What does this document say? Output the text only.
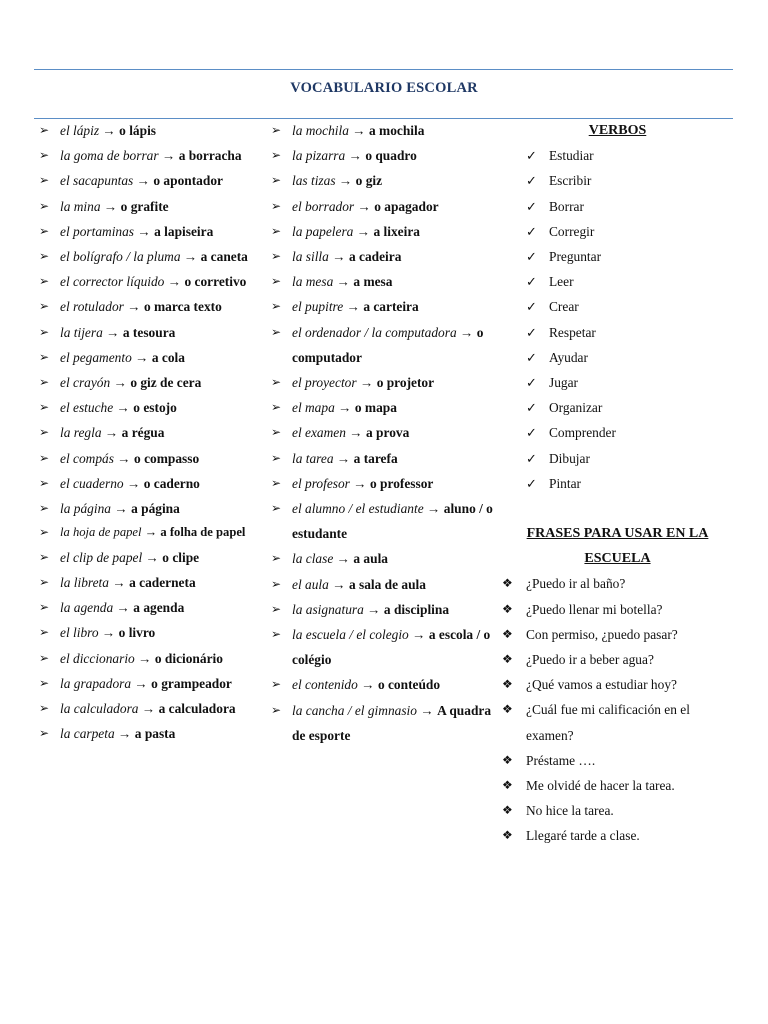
VOCABULARIO ESCOLAR
➢ el lápiz → o lápis
➢ la goma de borrar → a borracha
➢ el sacapuntas → o apontador
➢ la mina → o grafite
➢ el portaminas → a lapiseira
➢ el bolígrafo / la pluma → a caneta
➢ el corrector líquido → o corretivo
➢ el rotulador → o marca texto
➢ la tijera → a tesoura
➢ el pegamento → a cola
➢ el crayón → o giz de cera
➢ el estuche → o estojo
➢ la regla → a régua
➢ el compás → o compasso
➢ el cuaderno → o caderno
➢ la página → a página
➢ la hoja de papel → a folha de papel
➢ el clip de papel → o clipe
➢ la libreta → a caderneta
➢ la agenda → a agenda
➢ el libro → o livro
➢ el diccionario → o dicionário
➢ la grapadora → o grampeador
➢ la calculadora → a calculadora
➢ la carpeta → a pasta
➢ la mochila → a mochila
➢ la pizarra → o quadro
➢ las tizas → o giz
➢ el borrador → o apagador
➢ la papelera → a lixeira
➢ la silla → a cadeira
➢ la mesa → a mesa
➢ el pupitre → a carteira
➢ el ordenador / la computadora → o computador
➢ el proyector → o projetor
➢ el mapa → o mapa
➢ el examen → a prova
➢ la tarea → a tarefa
➢ el profesor → o professor
➢ el alumno / el estudiante → aluno / o estudante
➢ la clase → a aula
➢ el aula → a sala de aula
➢ la asignatura → a disciplina
➢ la escuela / el colegio → a escola / o colégio
➢ el contenido → o conteúdo
➢ la cancha / el gimnasio → A quadra de esporte
VERBOS
✓ Estudiar
✓ Escribir
✓ Borrar
✓ Corregir
✓ Preguntar
✓ Leer
✓ Crear
✓ Respetar
✓ Ayudar
✓ Jugar
✓ Organizar
✓ Comprender
✓ Dibujar
✓ Pintar
FRASES PARA USAR EN LA ESCUELA
❖ ¿Puedo ir al baño?
❖ ¿Puedo llenar mi botella?
❖ Con permiso, ¿puedo pasar?
❖ ¿Puedo ir a beber agua?
❖ ¿Qué vamos a estudiar hoy?
❖ ¿Cuál fue mi calificación en el examen?
❖ Préstame ….
❖ Me olvidé de hacer la tarea.
❖ No hice la tarea.
❖ Llegaré tarde a clase.
